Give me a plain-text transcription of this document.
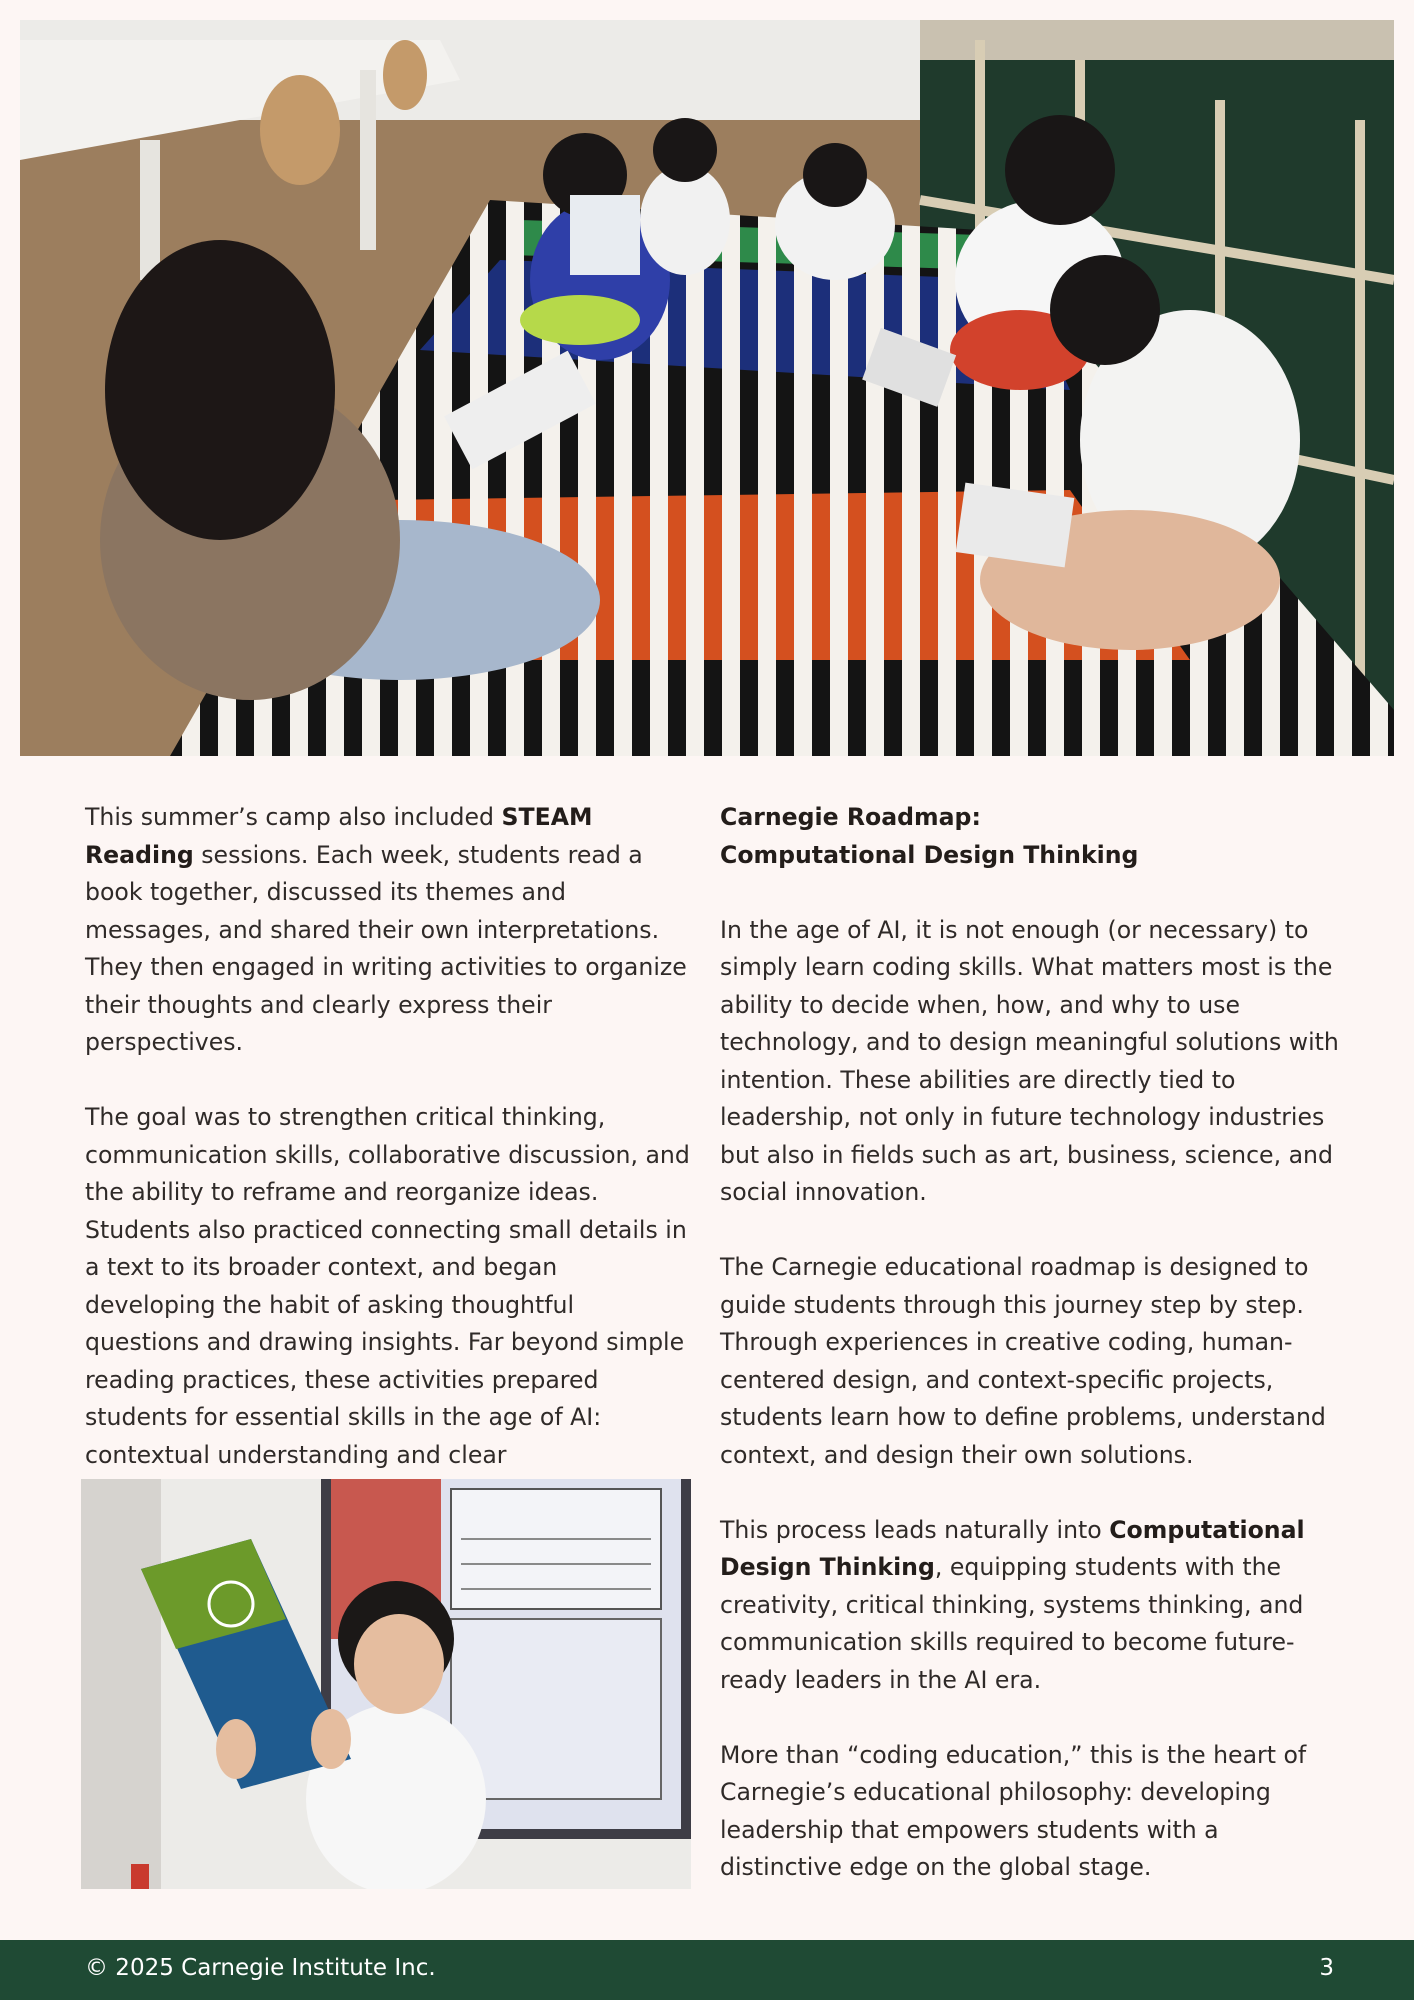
This summer’s camp also included STEAM Reading sessions. Each week, students read a book together, discussed its themes and messages, and shared their own interpretations. They then engaged in writing activities to organize their thoughts and clearly express their perspectives.

The goal was to strengthen critical thinking, communication skills, collaborative discussion, and the ability to reframe and reorganize ideas. Students also practiced connecting small details in a text to its broader context, and began developing the habit of asking thoughtful questions and drawing insights. Far beyond simple reading practices, these activities prepared students for essential skills in the age of AI: contextual understanding and clear

Carnegie Roadmap:
Computational Design Thinking

In the age of AI, it is not enough (or necessary) to simply learn coding skills. What matters most is the ability to decide when, how, and why to use technology, and to design meaningful solutions with intention. These abilities are directly tied to leadership, not only in future technology industries but also in fields such as art, business, science, and social innovation.

The Carnegie educational roadmap is designed to guide students through this journey step by step. Through experiences in creative coding, human-centered design, and context-specific projects, students learn how to define problems, understand context, and design their own solutions.

This process leads naturally into Computational Design Thinking, equipping students with the creativity, critical thinking, systems thinking, and communication skills required to become future-ready leaders in the AI era.

More than “coding education,” this is the heart of Carnegie’s educational philosophy: developing leadership that empowers students with a distinctive edge on the global stage.

© 2025 Carnegie Institute Inc.	3
